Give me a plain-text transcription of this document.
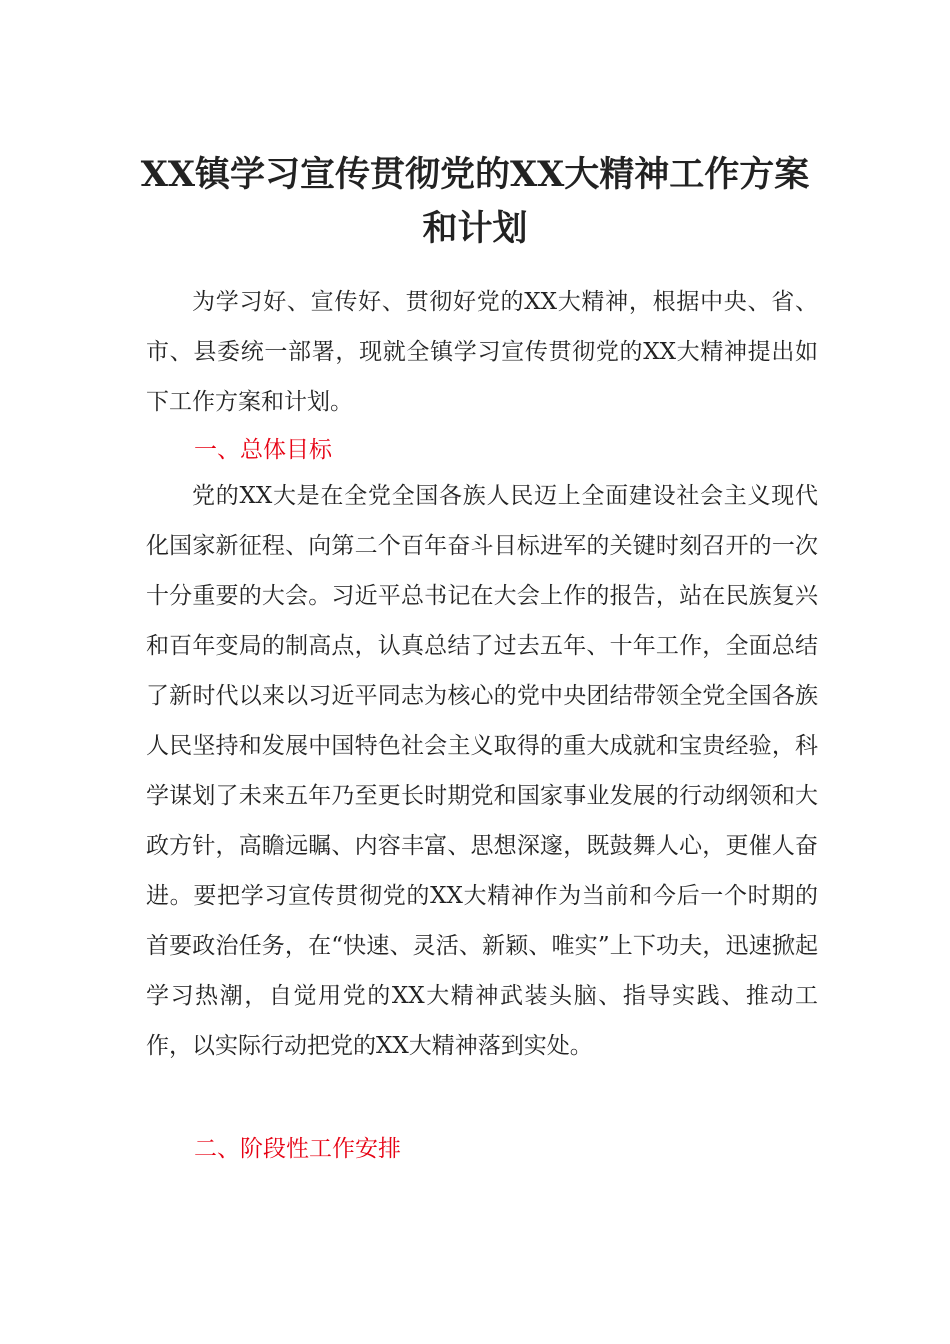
XX镇学习宣传贯彻党的XX大精神工作方案和计划

为学习好、宣传好、贯彻好党的XX大精神，根据中央、省、市、县委统一部署，现就全镇学习宣传贯彻党的XX大精神提出如下工作方案和计划。

一、总体目标

党的XX大是在全党全国各族人民迈上全面建设社会主义现代化国家新征程、向第二个百年奋斗目标进军的关键时刻召开的一次十分重要的大会。习近平总书记在大会上作的报告，站在民族复兴和百年变局的制高点，认真总结了过去五年、十年工作，全面总结了新时代以来以习近平同志为核心的党中央团结带领全党全国各族人民坚持和发展中国特色社会主义取得的重大成就和宝贵经验，科学谋划了未来五年乃至更长时期党和国家事业发展的行动纲领和大政方针，高瞻远瞩、内容丰富、思想深邃，既鼓舞人心，更催人奋进。要把学习宣传贯彻党的XX大精神作为当前和今后一个时期的首要政治任务，在“快速、灵活、新颖、唯实”上下功夫，迅速掀起学习热潮，自觉用党的XX大精神武装头脑、指导实践、推动工作，以实际行动把党的XX大精神落到实处。

二、阶段性工作安排
